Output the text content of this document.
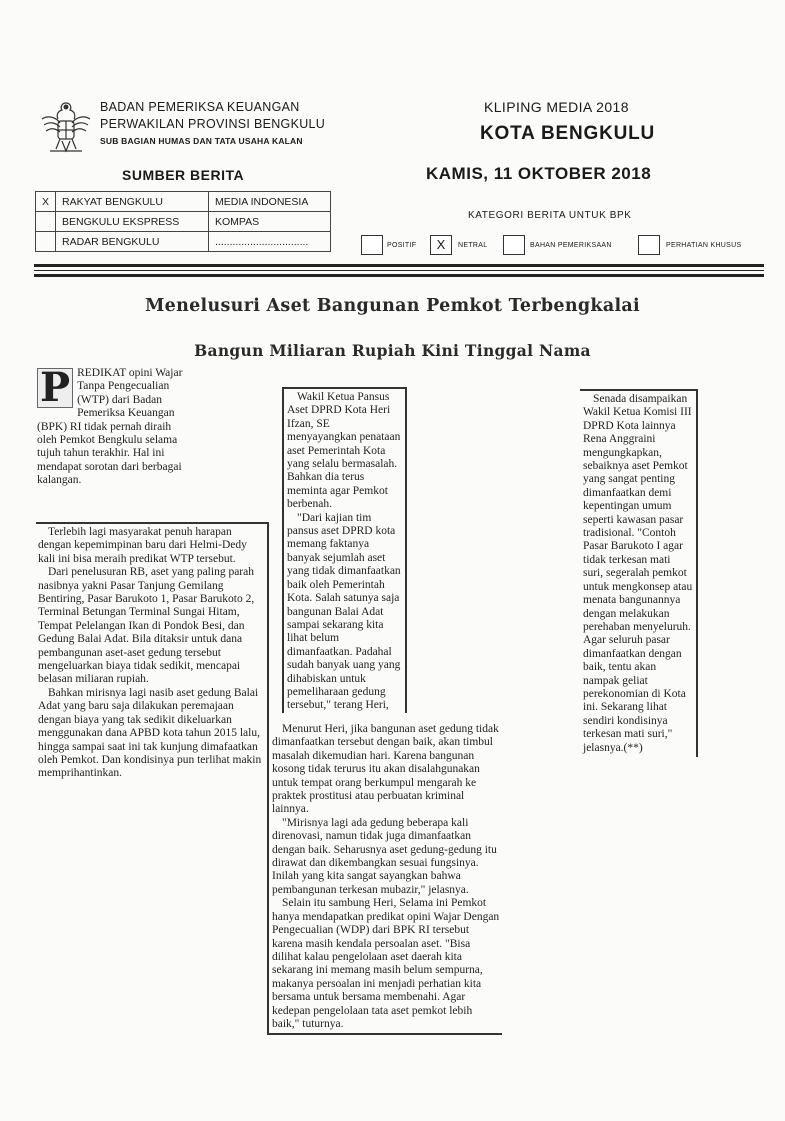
BADAN PEMERIKSA KEUANGAN
PERWAKILAN PROVINSI BENGKULU
SUB BAGIAN HUMAS DAN TATA USAHA KALAN
KLIPING MEDIA 2018
KOTA BENGKULU
KAMIS, 11 OKTOBER 2018
SUMBER BERITA
X	RAKYAT BENGKULU	MEDIA INDONESIA
	BENGKULU EKSPRESS	KOMPAS
	RADAR BENGKULU	................................
KATEGORI BERITA UNTUK BPK
POSITIF	X	NETRAL	BAHAN PEMERIKSAAN	PERHATIAN KHUSUS
Menelusuri Aset Bangunan Pemkot Terbengkalai
Bangun Miliaran Rupiah Kini Tinggal Nama

P REDIKAT opini Wajar Tanpa Pengecualian (WTP) dari Badan Pemeriksa Keuangan (BPK) RI tidak pernah diraih oleh Pemkot Bengkulu selama tujuh tahun terakhir. Hal ini mendapat sorotan dari berbagai kalangan.

Terlebih lagi masyarakat penuh harapan dengan kepemimpinan baru dari Helmi-Dedy kali ini bisa meraih predikat WTP tersebut.

Dari penelusuran RB, aset yang paling parah nasibnya yakni Pasar Tanjung Gemilang Bentiring, Pasar Barukoto 1, Pasar Barukoto 2, Terminal Betungan Terminal Sungai Hitam, Tempat Pelelangan Ikan di Pondok Besi, dan Gedung Balai Adat. Bila ditaksir untuk dana pembangunan aset-aset gedung tersebut mengeluarkan biaya tidak sedikit, mencapai belasan miliaran rupiah.

Bahkan mirisnya lagi nasib aset gedung Balai Adat yang baru saja dilakukan peremajaan dengan biaya yang tak sedikit dikeluarkan menggunakan dana APBD kota tahun 2015 lalu, hingga sampai saat ini tak kunjung dimafaatkan oleh Pemkot. Dan kondisinya pun terlihat makin memprihantinkan.

Wakil Ketua Pansus Aset DPRD Kota Heri Ifzan, SE menyayangkan penataan aset Pemerintah Kota yang selalu bermasalah. Bahkan dia terus meminta agar Pemkot berbenah.

"Dari kajian tim pansus aset DPRD kota memang faktanya banyak sejumlah aset yang tidak dimanfaatkan baik oleh Pemerintah Kota. Salah satunya saja bangunan Balai Adat sampai sekarang kita lihat belum dimanfaatkan. Padahal sudah banyak uang yang dihabiskan untuk pemeliharaan gedung tersebut," terang Heri,

Menurut Heri, jika bangunan aset gedung tidak dimanfaatkan tersebut dengan baik, akan timbul masalah dikemudian hari. Karena bangunan kosong tidak terurus itu akan disalahgunakan untuk tempat orang berkumpul mengarah ke praktek prostitusi atau perbuatan kriminal lainnya.

"Mirisnya lagi ada gedung beberapa kali direnovasi, namun tidak juga dimanfaatkan dengan baik. Seharusnya aset gedung-gedung itu dirawat dan dikembangkan sesuai fungsinya. Inilah yang kita sangat sayangkan bahwa pembangunan terkesan mubazir," jelasnya.

Selain itu sambung Heri, Selama ini Pemkot hanya mendapatkan predikat opini Wajar Dengan Pengecualian (WDP) dari BPK RI tersebut karena masih kendala persoalan aset. "Bisa dilihat kalau pengelolaan aset daerah kita sekarang ini memang masih belum sempurna, makanya persoalan ini menjadi perhatian kita bersama untuk bersama membenahi. Agar kedepan pengelolaan tata aset pemkot lebih baik," tuturnya.

Senada disampaikan Wakil Ketua Komisi III DPRD Kota lainnya Rena Anggraini mengungkapkan, sebaiknya aset Pemkot yang sangat penting dimanfaatkan demi kepentingan umum seperti kawasan pasar tradisional. "Contoh Pasar Barukoto I agar tidak terkesan mati suri, segeralah pemkot untuk mengkonsep atau menata bangunannya dengan melakukan perehaban menyeluruh. Agar seluruh pasar dimanfaatkan dengan baik, tentu akan nampak geliat perekonomian di Kota ini. Sekarang lihat sendiri kondisinya terkesan mati suri," jelasnya.(**)
